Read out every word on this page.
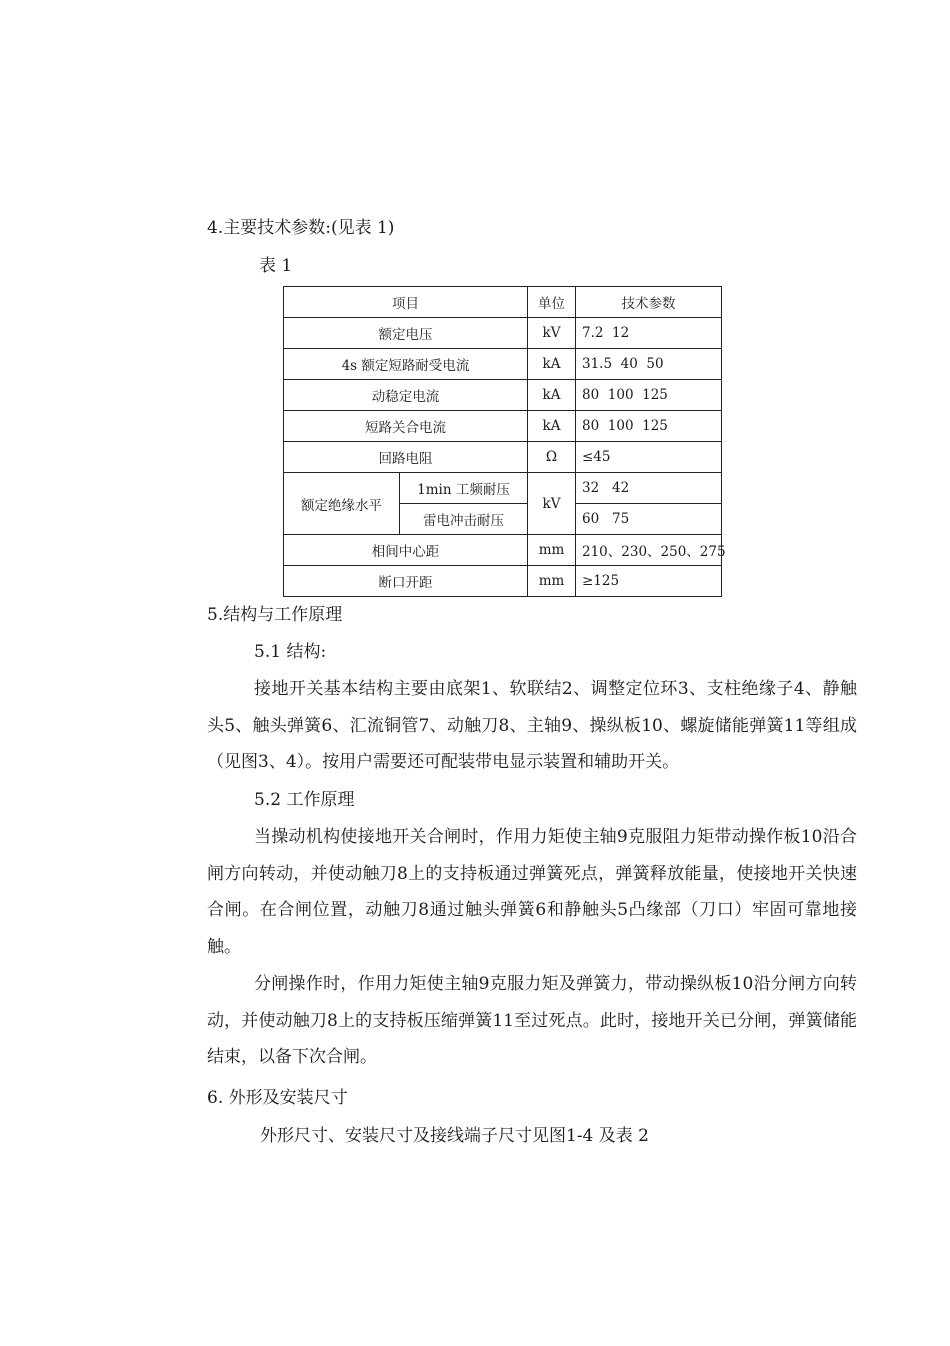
4.主要技术参数:(见表 1)
表 1
项目		单位	技术参数
额定电压		kV	7.2  12
4s 额定短路耐受电流		kA	31.5  40  50
动稳定电流		kA	80  100  125
短路关合电流		kA	80  100  125
回路电阻		Ω	≤45
额定绝缘水平	1min 工频耐压	kV	32   42
	雷电冲击耐压		60   75
相间中心距		mm	210、230、250、275
断口开距		mm	≥125
5.结构与工作原理
5.1 结构:
接地开关基本结构主要由底架1、软联结2、调整定位环3、支柱绝缘子4、静触头5、触头弹簧6、汇流铜管7、动触刀8、主轴9、操纵板10、螺旋储能弹簧11等组成（见图3、4）。按用户需要还可配装带电显示装置和辅助开关。
5.2 工作原理
当操动机构使接地开关合闸时，作用力矩使主轴9克服阻力矩带动操作板10沿合闸方向转动，并使动触刀8上的支持板通过弹簧死点，弹簧释放能量，使接地开关快速合闸。在合闸位置，动触刀8通过触头弹簧6和静触头5凸缘部（刀口）牢固可靠地接触。
分闸操作时，作用力矩使主轴9克服力矩及弹簧力，带动操纵板10沿分闸方向转动，并使动触刀8上的支持板压缩弹簧11至过死点。此时，接地开关已分闸，弹簧储能结束，以备下次合闸。
6. 外形及安装尺寸
外形尺寸、安装尺寸及接线端子尺寸见图1-4 及表 2
